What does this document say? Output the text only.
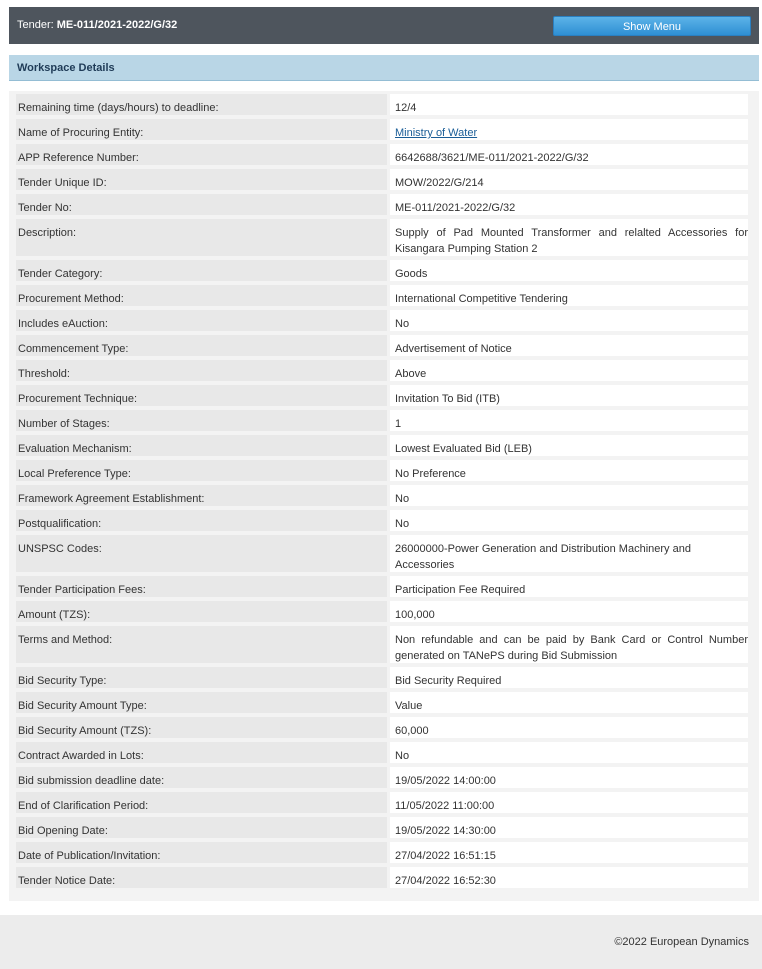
Tender: ME-011/2021-2022/G/32	Show Menu
Workspace Details
Remaining time (days/hours) to deadline:	12/4
Name of Procuring Entity:	Ministry of Water
APP Reference Number:	6642688/3621/ME-011/2021-2022/G/32
Tender Unique ID:	MOW/2022/G/214
Tender No:	ME-011/2021-2022/G/32
Description:	Supply of Pad Mounted Transformer and relalted Accessories for Kisangara Pumping Station 2
Tender Category:	Goods
Procurement Method:	International Competitive Tendering
Includes eAuction:	No
Commencement Type:	Advertisement of Notice
Threshold:	Above
Procurement Technique:	Invitation To Bid (ITB)
Number of Stages:	1
Evaluation Mechanism:	Lowest Evaluated Bid (LEB)
Local Preference Type:	No Preference
Framework Agreement Establishment:	No
Postqualification:	No
UNSPSC Codes:	26000000-Power Generation and Distribution Machinery and Accessories
Tender Participation Fees:	Participation Fee Required
Amount (TZS):	100,000
Terms and Method:	Non refundable and can be paid by Bank Card or Control Number generated on TANePS during Bid Submission
Bid Security Type:	Bid Security Required
Bid Security Amount Type:	Value
Bid Security Amount (TZS):	60,000
Contract Awarded in Lots:	No
Bid submission deadline date:	19/05/2022 14:00:00
End of Clarification Period:	11/05/2022 11:00:00
Bid Opening Date:	19/05/2022 14:30:00
Date of Publication/Invitation:	27/04/2022 16:51:15
Tender Notice Date:	27/04/2022 16:52:30
©2022 European Dynamics
